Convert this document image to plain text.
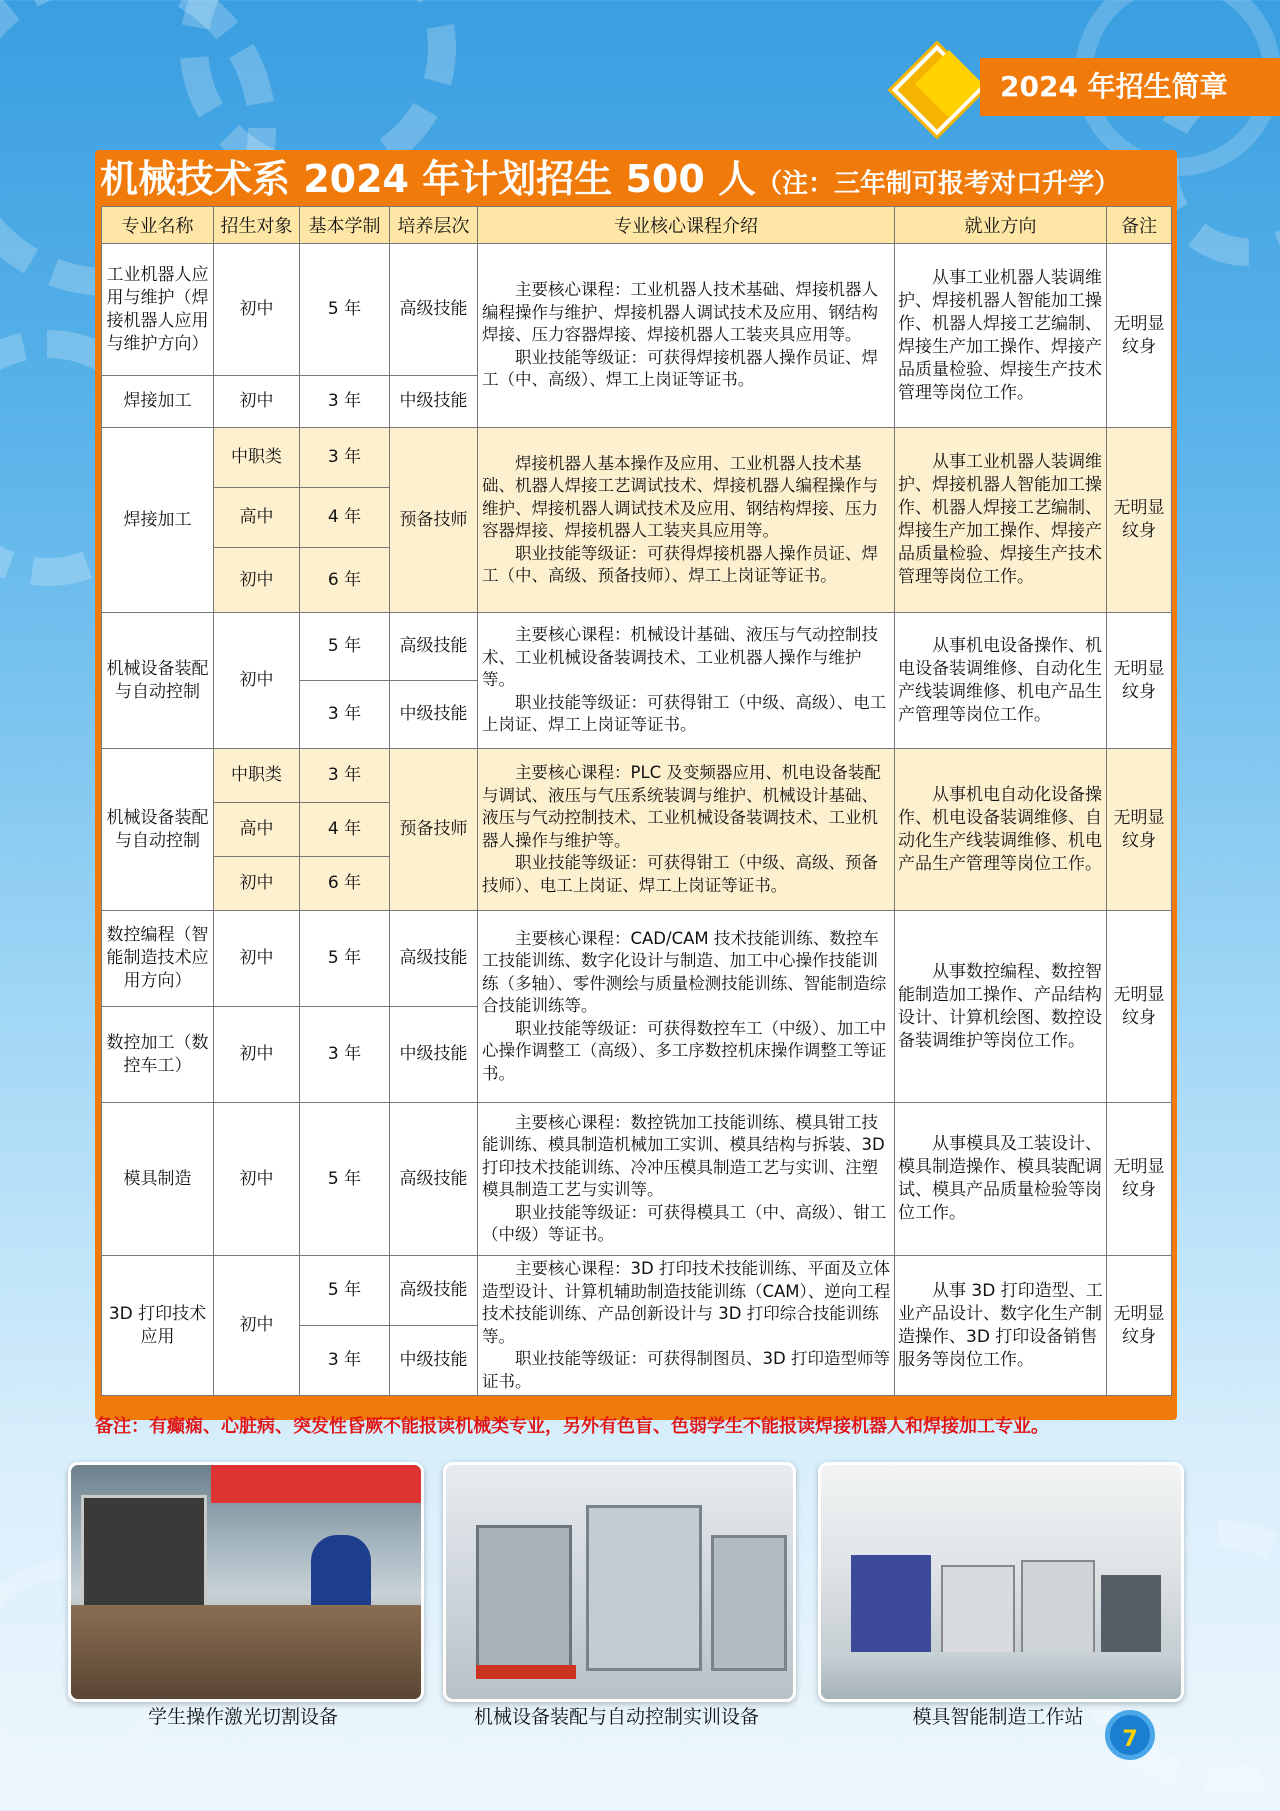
2024 年招生简章
机械技术系 2024 年计划招生 500 人（注：三年制可报考对口升学）
专业名称	招生对象	基本学制	培养层次	专业核心课程介绍	就业方向	备注
工业机器人应用与维护（焊接机器人应用与维护方向）	初中	5 年	高级技能	主要核心课程：工业机器人技术基础、焊接机器人编程操作与维护、焊接机器人调试技术及应用、钢结构焊接、压力容器焊接、焊接机器人工装夹具应用等。

职业技能等级证：可获得焊接机器人操作员证、焊工（中、高级）、焊工上岗证等证书。	从事工业机器人装调维护、焊接机器人智能加工操作、机器人焊接工艺编制、焊接生产加工操作、焊接产品质量检验、焊接生产技术管理等岗位工作。	无明显纹身
焊接加工	初中	3 年	中级技能			
焊接加工	中职类	3 年	预备技师	焊接机器人基本操作及应用、工业机器人技术基础、机器人焊接工艺调试技术、焊接机器人编程操作与维护、焊接机器人调试技术及应用、钢结构焊接、压力容器焊接、焊接机器人工装夹具应用等。

职业技能等级证：可获得焊接机器人操作员证、焊工（中、高级、预备技师）、焊工上岗证等证书。	从事工业机器人装调维护、焊接机器人智能加工操作、机器人焊接工艺编制、焊接生产加工操作、焊接产品质量检验、焊接生产技术管理等岗位工作。	无明显纹身
	高中	4 年				
	初中	6 年				
机械设备装配与自动控制	初中	5 年	高级技能	主要核心课程：机械设计基础、液压与气动控制技术、工业机械设备装调技术、工业机器人操作与维护等。

职业技能等级证：可获得钳工（中级、高级）、电工上岗证、焊工上岗证等证书。	从事机电设备操作、机电设备装调维修、自动化生产线装调维修、机电产品生产管理等岗位工作。	无明显纹身
		3 年	中级技能			
机械设备装配与自动控制	中职类	3 年	预备技师	主要核心课程：PLC 及变频器应用、机电设备装配与调试、液压与气压系统装调与维护、机械设计基础、液压与气动控制技术、工业机械设备装调技术、工业机器人操作与维护等。

职业技能等级证：可获得钳工（中级、高级、预备技师）、电工上岗证、焊工上岗证等证书。	从事机电自动化设备操作、机电设备装调维修、自动化生产线装调维修、机电产品生产管理等岗位工作。	无明显纹身
	高中	4 年				
	初中	6 年				
数控编程（智能制造技术应用方向）	初中	5 年	高级技能	主要核心课程：CAD/CAM 技术技能训练、数控车工技能训练、数字化设计与制造、加工中心操作技能训练（多轴）、零件测绘与质量检测技能训练、智能制造综合技能训练等。

职业技能等级证：可获得数控车工（中级）、加工中心操作调整工（高级）、多工序数控机床操作调整工等证书。	从事数控编程、数控智能制造加工操作、产品结构设计、计算机绘图、数控设备装调维护等岗位工作。	无明显纹身
数控加工（数控车工）	初中	3 年	中级技能			
模具制造	初中	5 年	高级技能	主要核心课程：数控铣加工技能训练、模具钳工技能训练、模具制造机械加工实训、模具结构与拆装、3D 打印技术技能训练、冷冲压模具制造工艺与实训、注塑模具制造工艺与实训等。

职业技能等级证：可获得模具工（中、高级）、钳工（中级）等证书。	从事模具及工装设计、模具制造操作、模具装配调试、模具产品质量检验等岗位工作。	无明显纹身
3D 打印技术应用	初中	5 年	高级技能	主要核心课程：3D 打印技术技能训练、平面及立体造型设计、计算机辅助制造技能训练（CAM）、逆向工程技术技能训练、产品创新设计与 3D 打印综合技能训练等。

职业技能等级证：可获得制图员、3D 打印造型师等证书。	从事 3D 打印造型、工业产品设计、数字化生产制造操作、3D 打印设备销售服务等岗位工作。	无明显纹身
		3 年	中级技能			
备注：有癫痫、心脏病、突发性昏厥不能报读机械类专业，另外有色盲、色弱学生不能报读焊接机器人和焊接加工专业。
学生操作激光切割设备	机械设备装配与自动控制实训设备	模具智能制造工作站
7
